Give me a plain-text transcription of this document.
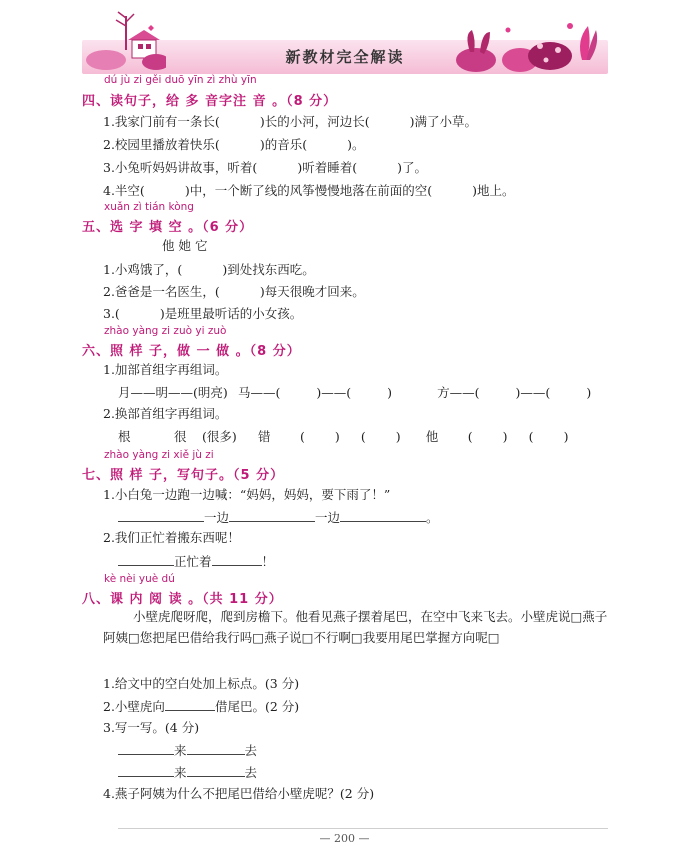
新教材完全解读
dú jù zi gěi duō yīn zì zhù yīn
四、读句子，给 多 音字注 音 。（8 分）
1.我家门前有一条长(	)长的小河，河边长(	)满了小草。
2.校园里播放着快乐(	)的音乐(	)。
3.小兔听妈妈讲故事，听着(	)听着睡着(	)了。
4.半空(	)中，一个断了线的风筝慢慢地落在前面的空(	)地上。
xuǎn zì tián kòng
五、选 字 填 空 。（6 分）
他 她 它
1.小鸡饿了，(	)到处找东西吃。
2.爸爸是一名医生，(	)每天很晚才回来。
3.(	)是班里最听话的小女孩。
zhào yàng zi zuò yi zuò
六、照 样 子，做 一 做 。（8 分）
1.加部首组字再组词。
月——明——(明亮) 马——(	)——(	)	方——(	)——(	)
2.换部首组字再组词。
根	很 (很多) 错 ( ) ( ) 他 ( ) ( )
zhào yàng zi xiě jù zi
七、照 样 子，写句子。（5 分）
1.小白兔一边跑一边喊：“妈妈，妈妈，要下雨了！”
一边	一边	。
2.我们正忙着搬东西呢！
正忙着	！
kè nèi yuè dú
八、课 内 阅 读 。（共 11 分）
小壁虎爬呀爬，爬到房檐下。他看见燕子摆着尾巴，在空中飞来飞去。小壁虎说□燕子阿姨□您把尾巴借给我行吗□燕子说□不行啊□我要用尾巴掌握方向呢□
1.给文中的空白处加上标点。(3 分)
2.小壁虎向	借尾巴。(2 分)
3.写一写。(4 分)
来	去
来	去
4.燕子阿姨为什么不把尾巴借给小壁虎呢？(2 分)
— 200 —
